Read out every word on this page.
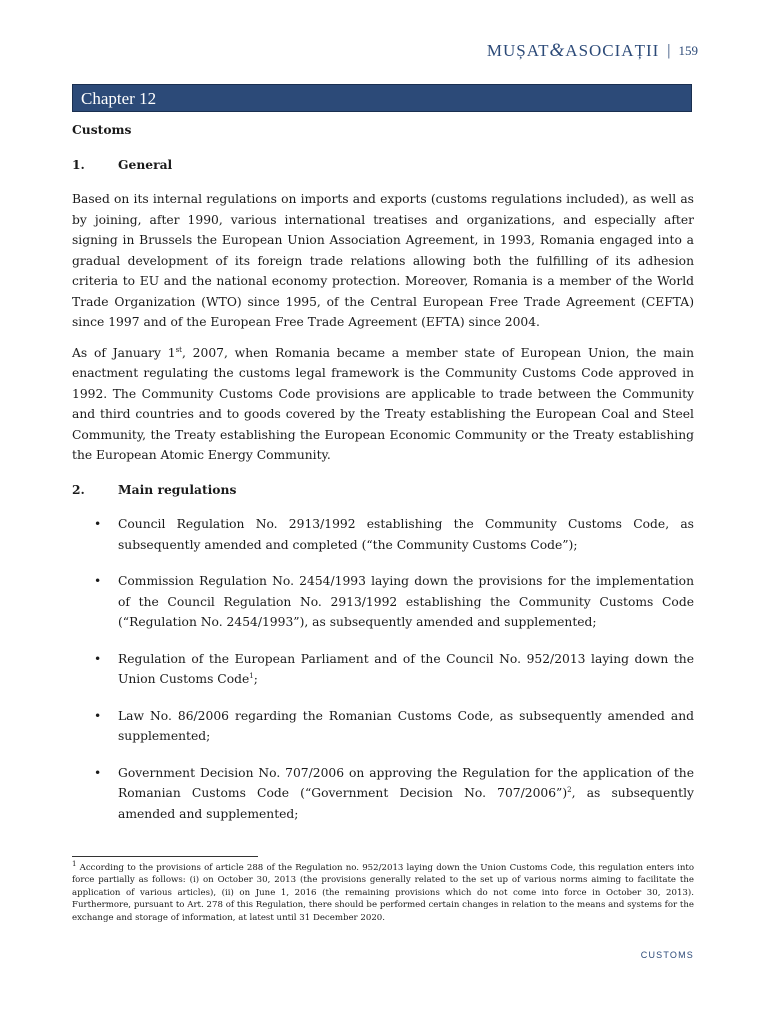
MUȘAT&ASOCIAȚII | 159
Chapter 12
Customs
1.	General

Based on its internal regulations on imports and exports (customs regulations included), as well as by joining, after 1990, various international treatises and organizations, and especially after signing in Brussels the European Union Association Agreement, in 1993, Romania engaged into a gradual development of its foreign trade relations allowing both the fulfilling of its adhesion criteria to EU and the national economy protection. Moreover, Romania is a member of the World Trade Organization (WTO) since 1995, of the Central European Free Trade Agreement (CEFTA) since 1997 and of the European Free Trade Agreement (EFTA) since 2004.

As of January 1st, 2007, when Romania became a member state of European Union, the main enactment regulating the customs legal framework is the Community Customs Code approved in 1992. The Community Customs Code provisions are applicable to trade between the Community and third countries and to goods covered by the Treaty establishing the European Coal and Steel Community, the Treaty establishing the European Economic Community or the Treaty establishing the European Atomic Energy Community.

2.	Main regulations
• Council Regulation No. 2913/1992 establishing the Community Customs Code, as subsequently amended and completed (“the Community Customs Code”);
• Commission Regulation No. 2454/1993 laying down the provisions for the implementation of the Council Regulation No. 2913/1992 establishing the Community Customs Code (“Regulation No. 2454/1993”), as subsequently amended and supplemented;
• Regulation of the European Parliament and of the Council No. 952/2013 laying down the Union Customs Code$^1$;
• Law No. 86/2006 regarding the Romanian Customs Code, as subsequently amended and supplemented;
• Government Decision No. 707/2006 on approving the Regulation for the application of the Romanian Customs Code (“Government Decision No. 707/2006”)$^2$, as subsequently amended and supplemented;
$^1$ According to the provisions of article 288 of the Regulation no. 952/2013 laying down the Union Customs Code, this regulation enters into force partially as follows: (i) on October 30, 2013 (the provisions generally related to the set up of various norms aiming to facilitate the application of various articles), (ii) on June 1, 2016 (the remaining provisions which do not come into force in October 30, 2013). Furthermore, pursuant to Art. 278 of this Regulation, there should be performed certain changes in relation to the means and systems for the exchange and storage of information, at latest until 31 December 2020.
CUSTOMS
